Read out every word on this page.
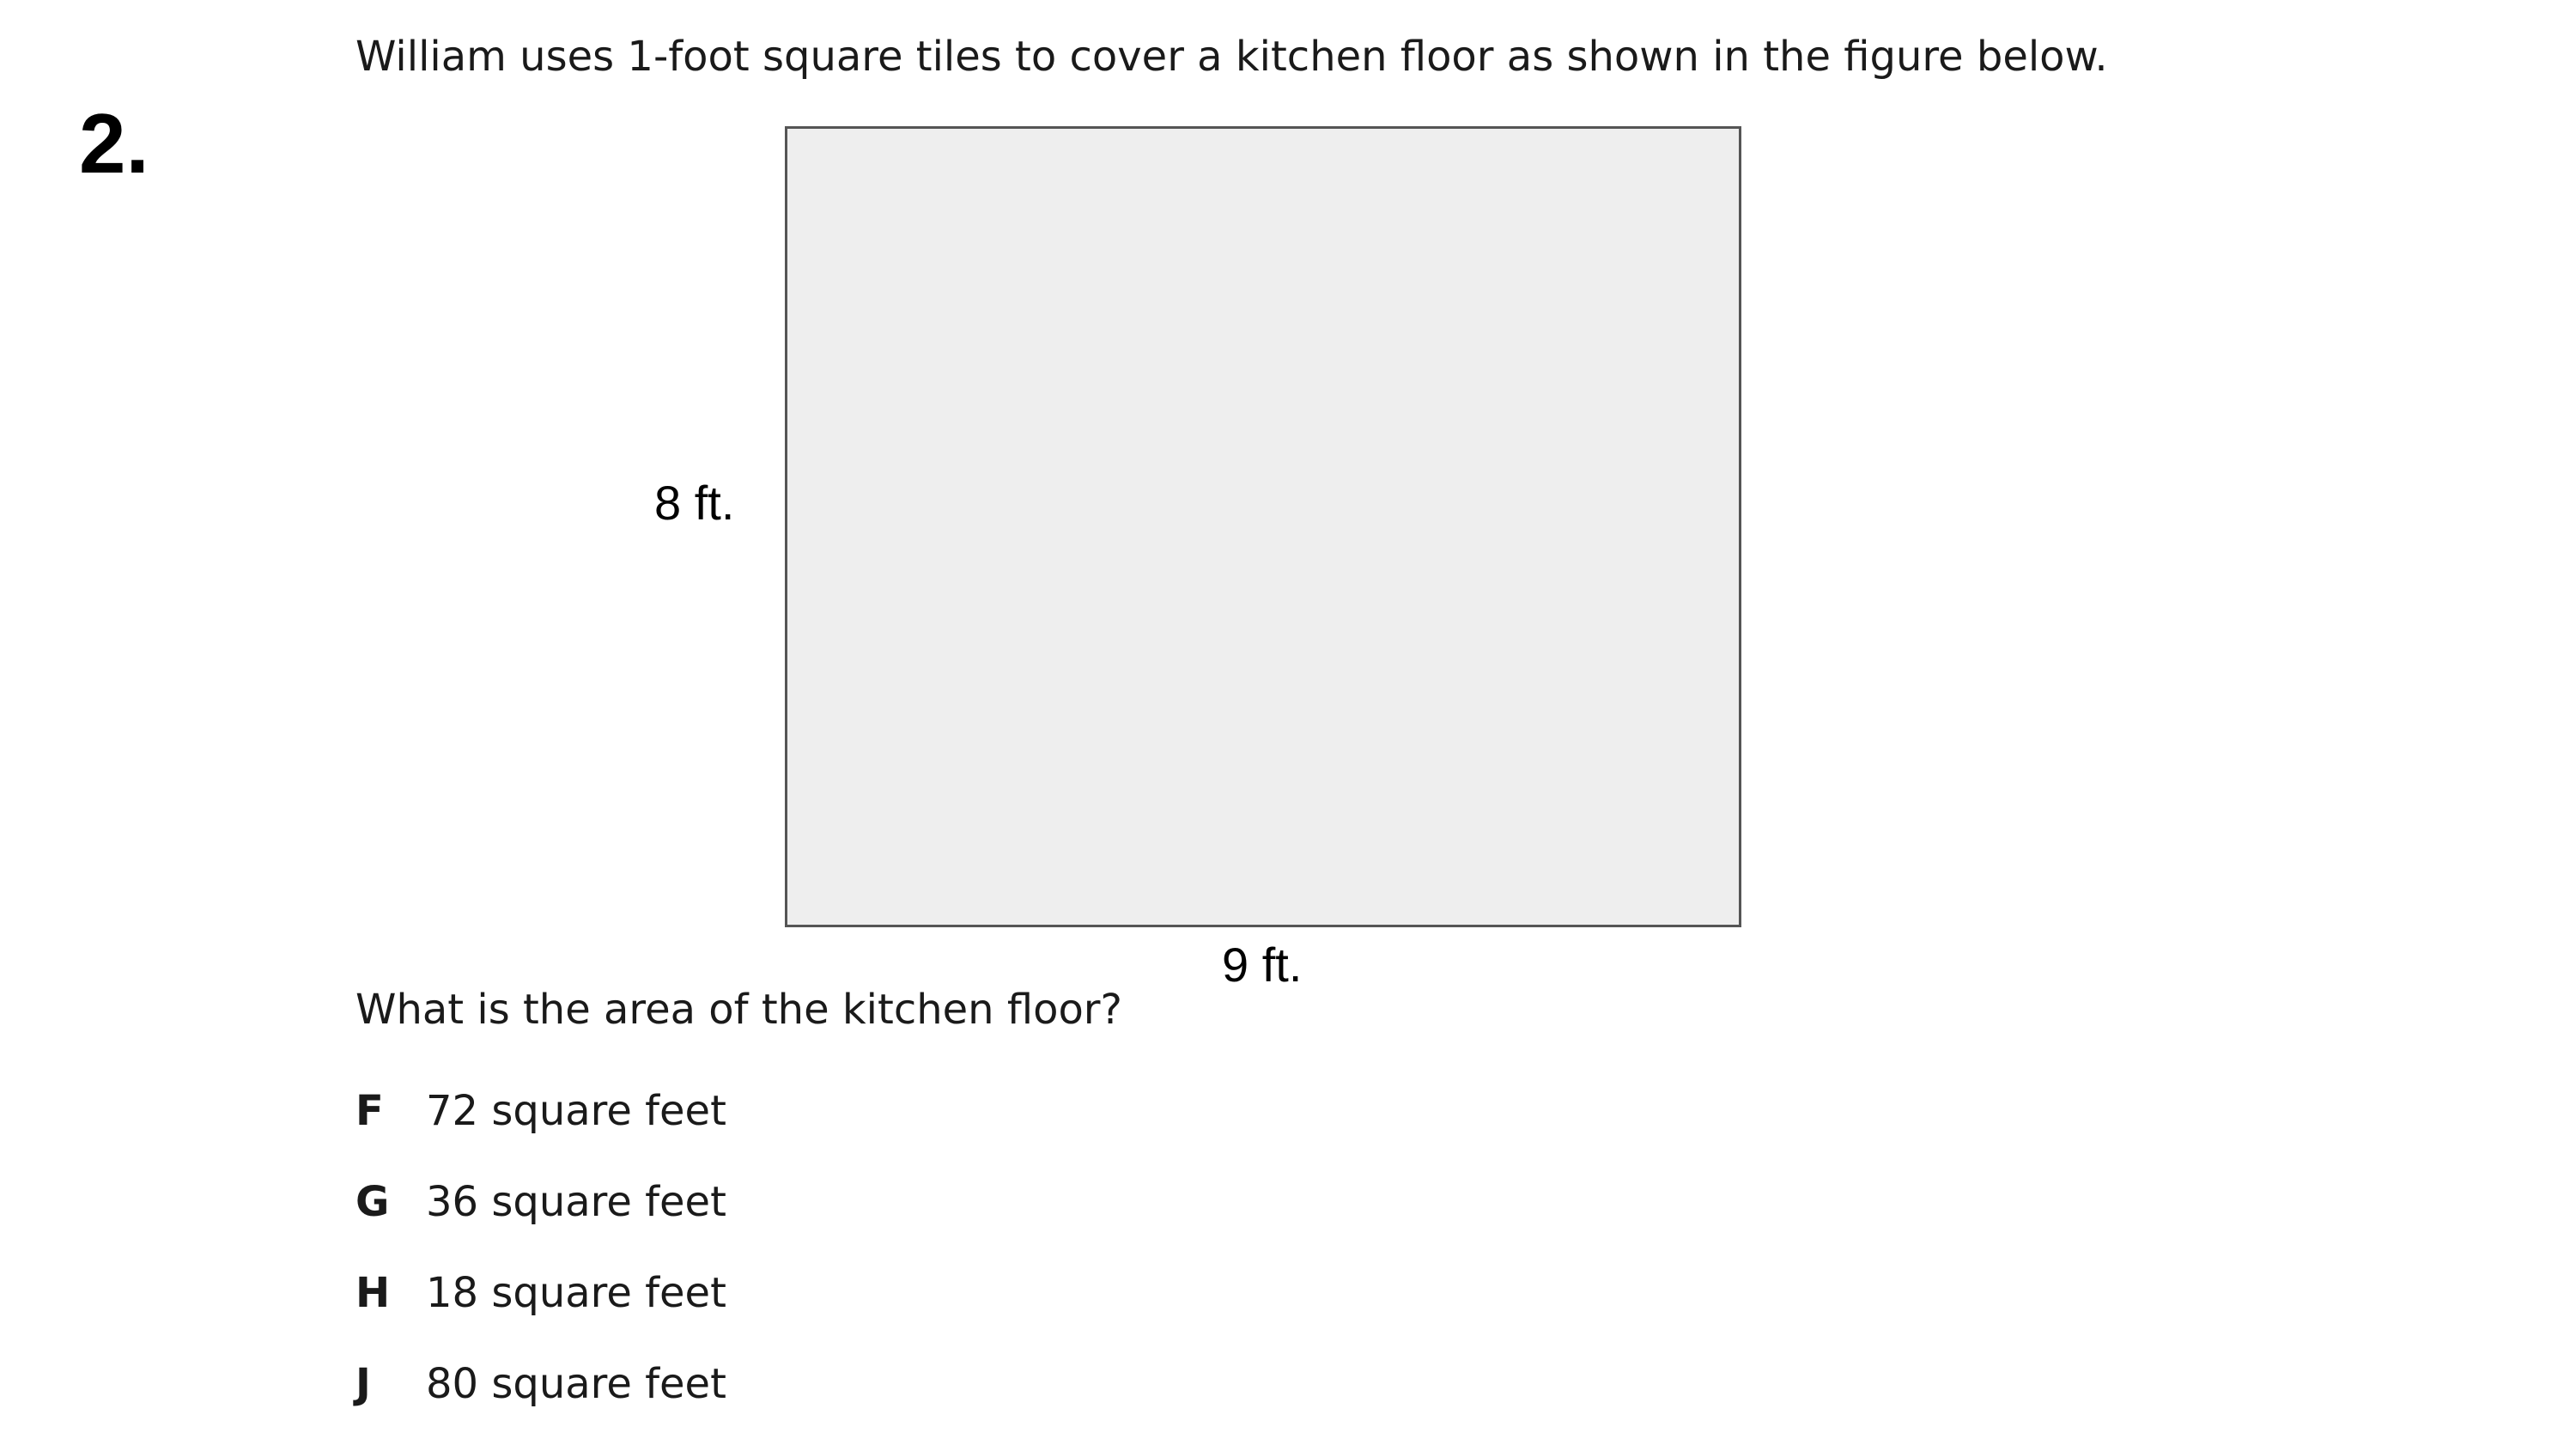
2.
William uses 1-foot square tiles to cover a kitchen floor as shown in the figure below.
8 ft.
9 ft.
What is the area of the kitchen floor?
F	72 square feet
G 36 square feet
H 18 square feet
J	80 square feet
